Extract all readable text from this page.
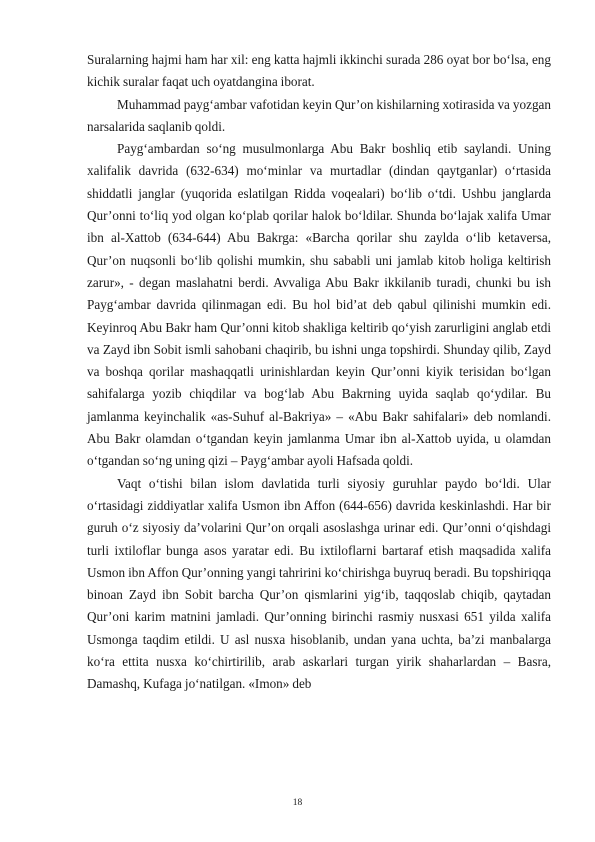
Suralarning hajmi ham har xil: eng katta hajmli ikkinchi surada 286 oyat bor bo‘lsa, eng kichik suralar faqat uch oyatdangina iborat.

Muhammad payg‘ambar vafotidan keyin Qur’on kishilarning xotirasida va yozgan narsalarida saqlanib qoldi.

Payg‘ambardan so‘ng musulmonlarga Abu Bakr boshliq etib saylandi. Uning xalifalik davrida (632-634) mo‘minlar va murtadlar (dindan qaytganlar) o‘rtasida shiddatli janglar (yuqorida eslatilgan Ridda voqealari) bo‘lib o‘tdi. Ushbu janglarda Qur’onni to‘liq yod olgan ko‘plab qorilar halok bo‘ldilar. Shunda bo‘lajak xalifa Umar ibn al-Xattob (634-644) Abu Bakrga: «Barcha qorilar shu zaylda o‘lib ketaversa, Qur’on nuqsonli bo‘lib qolishi mumkin, shu sababli uni jamlab kitob holiga keltirish zarur», - degan maslahatni berdi. Avvaliga Abu Bakr ikkilanib turadi, chunki bu ish Payg‘ambar davrida qilinmagan edi. Bu hol bid’at deb qabul qilinishi mumkin edi. Keyinroq Abu Bakr ham Qur’onni kitob shakliga keltirib qo‘yish zarurligini anglab etdi va Zayd ibn Sobit ismli sahobani chaqirib, bu ishni unga topshirdi. Shunday qilib, Zayd va boshqa qorilar mashaqqatli urinishlardan keyin Qur’onni kiyik terisidan bo‘lgan sahifalarga yozib chiqdilar va bog‘lab Abu Bakrning uyida saqlab qo‘ydilar. Bu jamlanma keyinchalik «as-Suhuf al-Bakriya» – «Abu Bakr sahifalari» deb nomlandi. Abu Bakr olamdan o‘tgandan keyin jamlanma Umar ibn al-Xattob uyida, u olamdan o‘tgandan so‘ng uning qizi – Payg‘ambar ayoli Hafsada qoldi.

Vaqt o‘tishi bilan islom davlatida turli siyosiy guruhlar paydo bo‘ldi. Ular o‘rtasidagi ziddiyatlar xalifa Usmon ibn Affon (644-656) davrida keskinlashdi. Har bir guruh o‘z siyosiy da’volarini Qur’on orqali asoslashga urinar edi. Qur’onni o‘qishdagi turli ixtiloflar bunga asos yaratar edi. Bu ixtiloflarni bartaraf etish maqsadida xalifa Usmon ibn Affon Qur’onning yangi tahririni ko‘chirishga buyruq beradi. Bu topshiriqqa binoan Zayd ibn Sobit barcha Qur’on qismlarini yig‘ib, taqqoslab chiqib, qaytadan Qur’oni karim matnini jamladi. Qur’onning birinchi rasmiy nusxasi 651 yilda xalifa Usmonga taqdim etildi. U asl nusxa hisoblanib, undan yana uchta, ba’zi manbalarga ko‘ra ettita nusxa ko‘chirtirilib, arab askarlari turgan yirik shaharlardan – Basra, Damashq, Kufaga jo‘natilgan. «Imon» deb

18
